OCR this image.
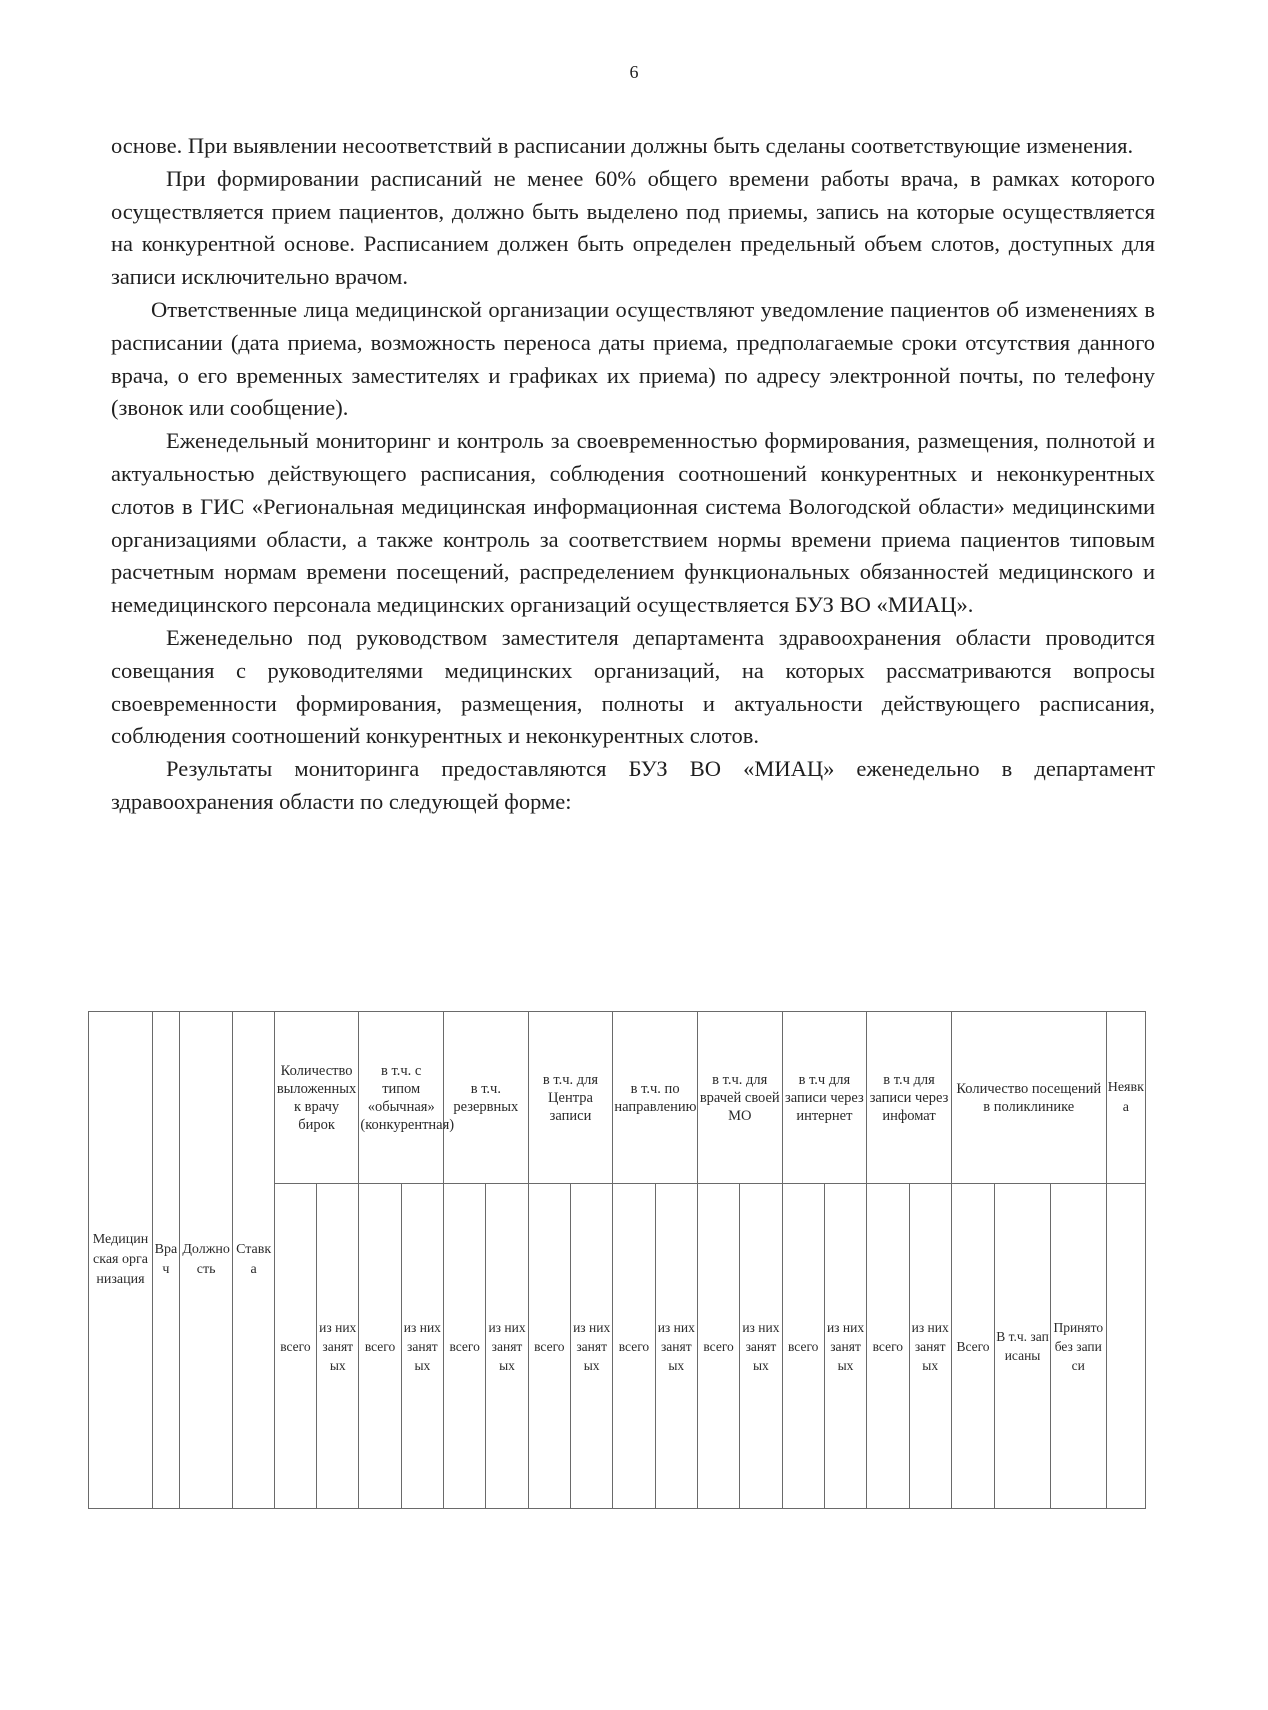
6

основе. При выявлении несоответствий в расписании должны быть сделаны соответствующие изменения.

При формировании расписаний не менее 60% общего времени работы врача, в рамках которого осуществляется прием пациентов, должно быть выделено под приемы, запись на которые осуществляется на конкурентной основе. Расписанием должен быть определен предельный объем слотов, доступных для записи исключительно врачом.

Ответственные лица медицинской организации осуществляют уведомление пациентов об изменениях в расписании (дата приема, возможность переноса даты приема, предполагаемые сроки отсутствия данного врача, о его временных заместителях и графиках их приема) по адресу электронной почты, по телефону (звонок или сообщение).

Еженедельный мониторинг и контроль за своевременностью формирования, размещения, полнотой и актуальностью действующего расписания, соблюдения соотношений конкурентных и неконкурентных слотов в ГИС «Региональная медицинская информационная система Вологодской области» медицинскими организациями области, а также контроль за соответствием нормы времени приема пациентов типовым расчетным нормам времени посещений, распределением функциональных обязанностей медицинского и немедицинского персонала медицинских организаций осуществляется БУЗ ВО «МИАЦ».

Еженедельно под руководством заместителя департамента здравоохранения области проводится совещания с руководителями медицинских организаций, на которых рассматриваются вопросы своевременности формирования, размещения, полноты и актуальности действующего расписания, соблюдения соотношений конкурентных и неконкурентных слотов.

Результаты мониторинга предоставляются БУЗ ВО «МИАЦ» еженедельно в департамент здравоохранения области по следующей форме:

Медицинская организация	Врач	Должность	Ставка	Количество выложенных к врачу бирок		в т.ч. с типом «обычная» (конкурентная)		в т.ч. резервных		в т.ч. для Центра записи		в т.ч. по направлению		в т.ч. для врачей своей МО		в т.ч для записи через интернет		в т.ч для записи через инфомат		Количество посещений в поликлинике			Неявка
				всего	из них занятых	всего	из них занятых	всего	из них занятых	всего	из них занятых	всего	из них занятых	всего	из них занятых	всего	из них занятых	всего	из них занятых	Всего	В т.ч. записаны	Принято без записи	
